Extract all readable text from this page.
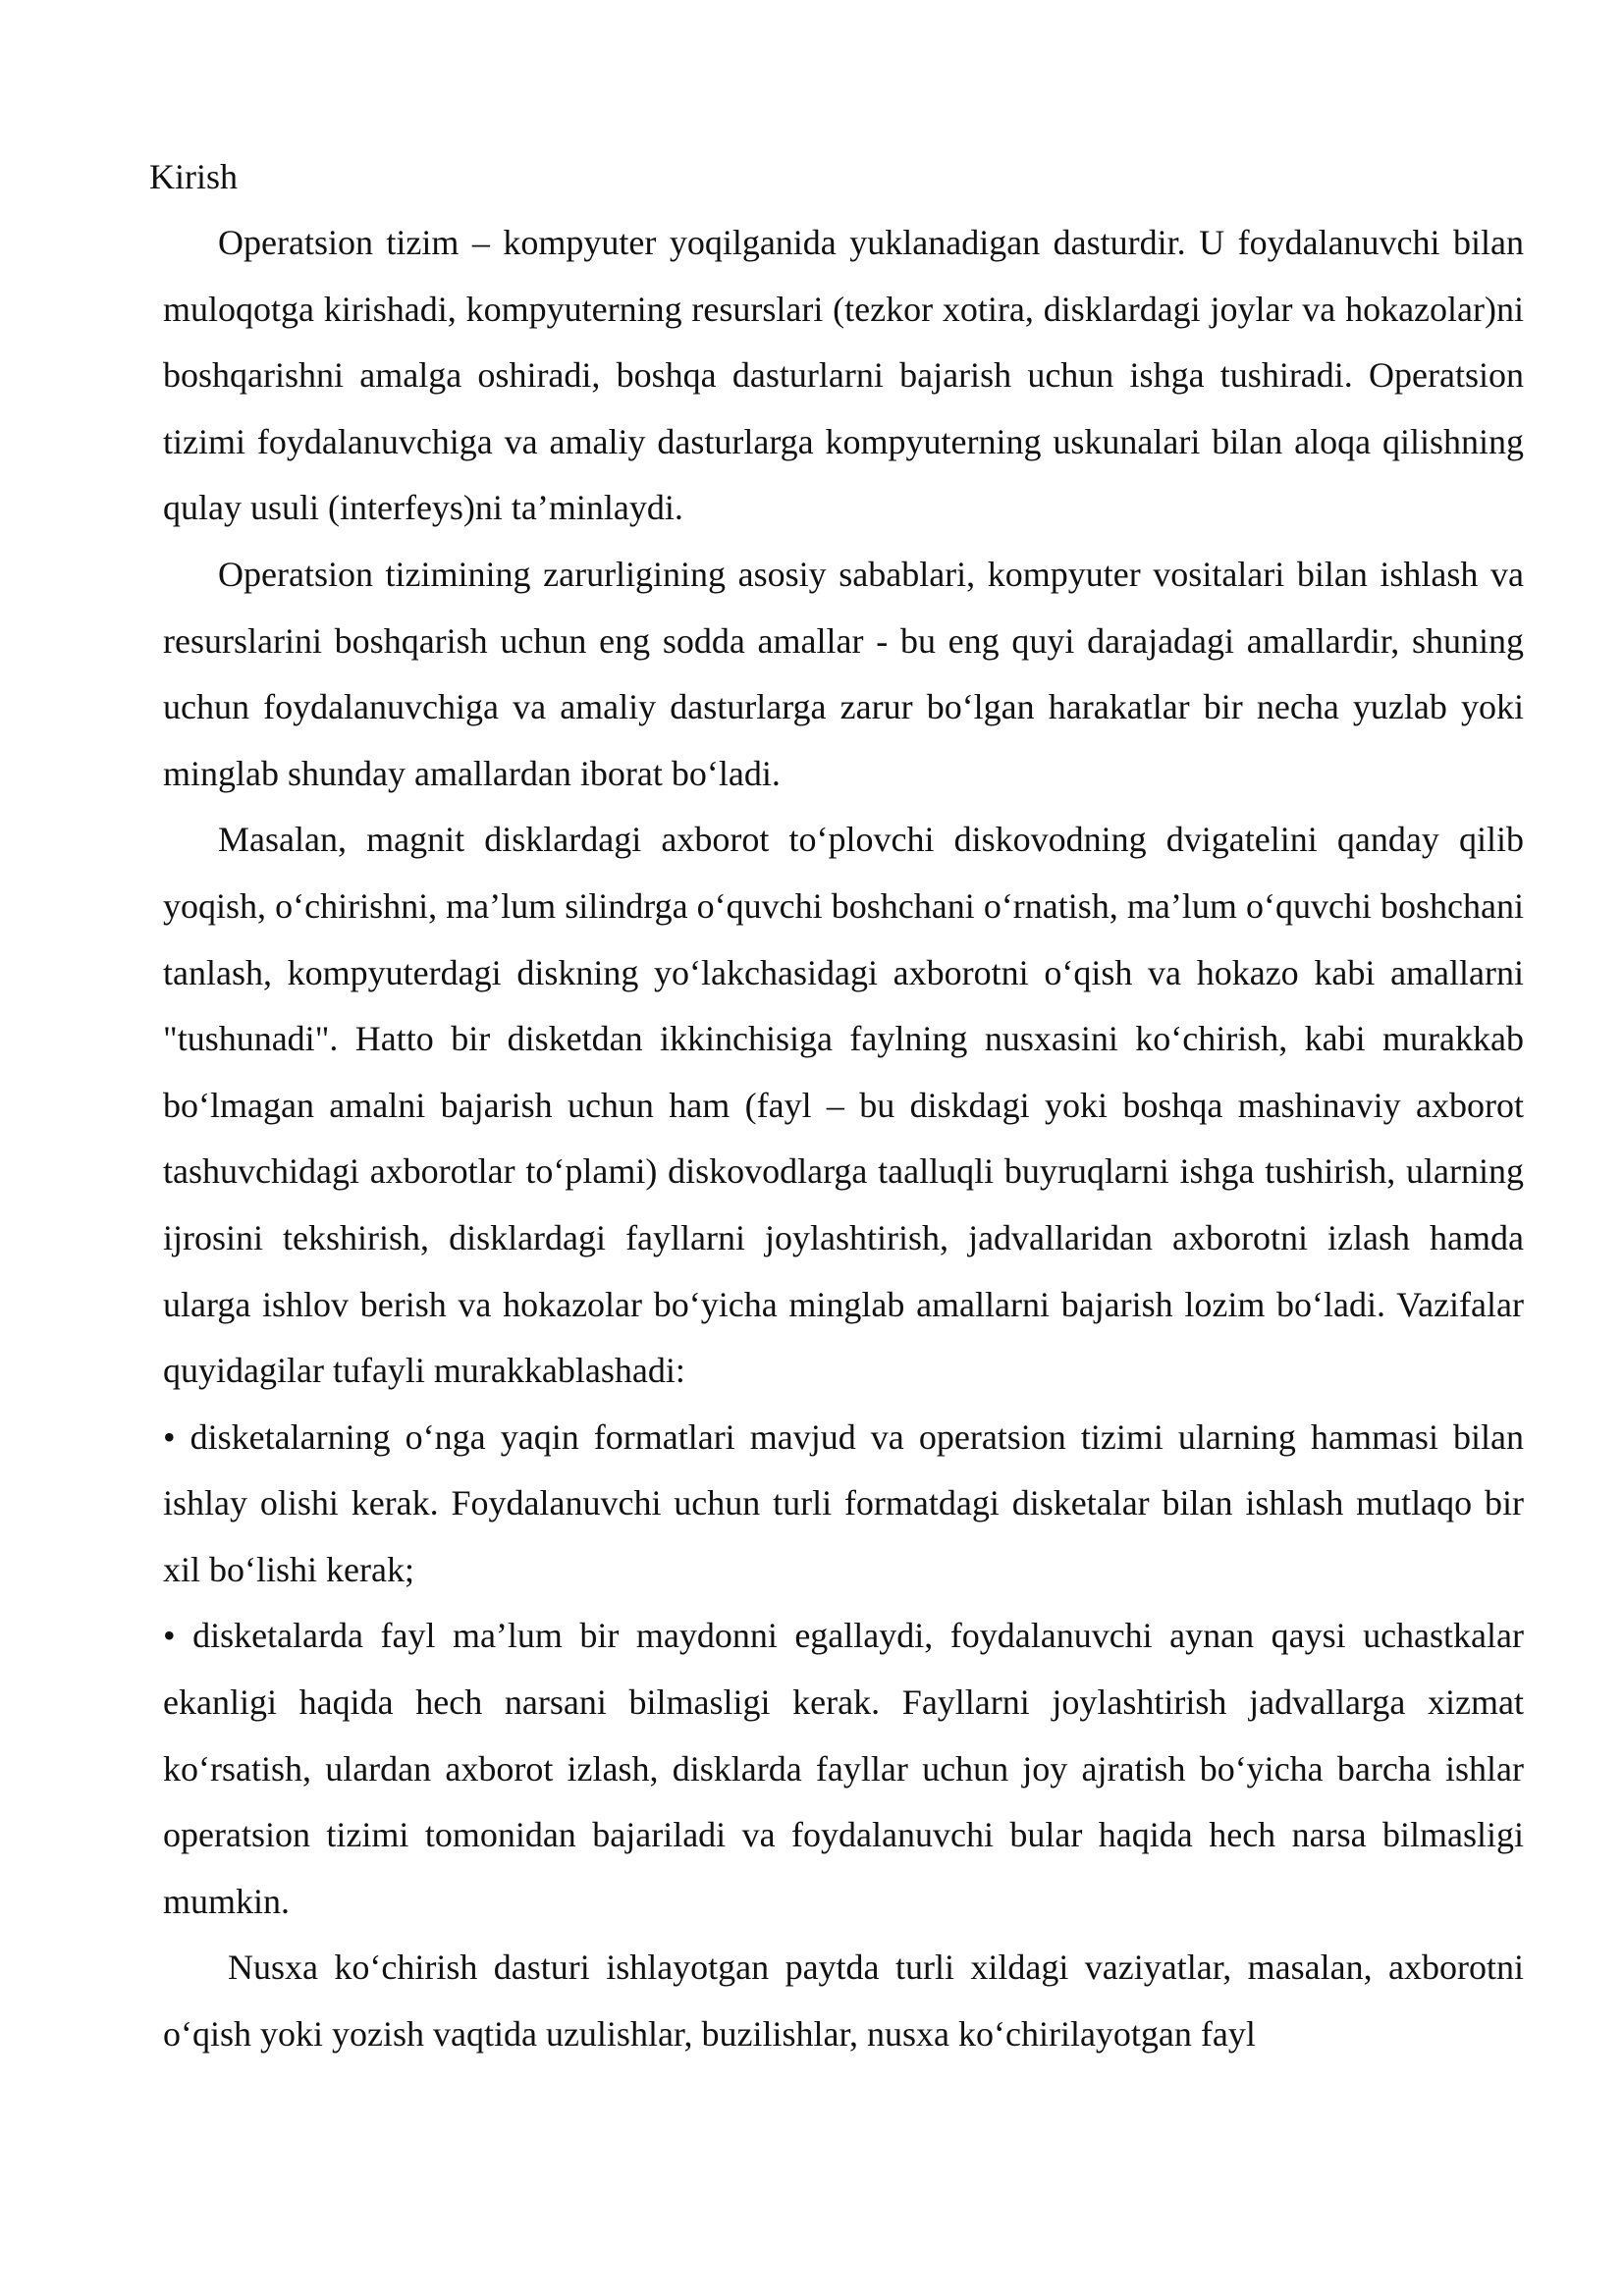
Kirish

Operatsion tizim – kompyuter yoqilganida yuklanadigan dasturdir. U foydalanuvchi bilan muloqotga kirishadi, kompyuterning resurslari (tezkor xotira, disklardagi joylar va hokazolar)ni boshqarishni amalga oshiradi, boshqa dasturlarni bajarish uchun ishga tushiradi. Operatsion tizimi foydalanuvchiga va amaliy dasturlarga kompyuterning uskunalari bilan aloqa qilishning qulay usuli (interfeys)ni ta’minlaydi.

Operatsion tizimining zarurligining asosiy sabablari, kompyuter vositalari bilan ishlash va resurslarini boshqarish uchun eng sodda amallar - bu eng quyi darajadagi amallardir, shuning uchun foydalanuvchiga va amaliy dasturlarga zarur bo‘lgan harakatlar bir necha yuzlab yoki minglab shunday amallardan iborat bo‘ladi.

Masalan, magnit disklardagi axborot to‘plovchi diskovodning dvigatelini qanday qilib yoqish, o‘chirishni, ma’lum silindrga o‘quvchi boshchani o‘rnatish, ma’lum o‘quvchi boshchani tanlash, kompyuterdagi diskning yo‘lakchasidagi axborotni o‘qish va hokazo kabi amallarni "tushunadi". Hatto bir disketdan ikkinchisiga faylning nusxasini ko‘chirish, kabi murakkab bo‘lmagan amalni bajarish uchun ham (fayl – bu diskdagi yoki boshqa mashinaviy axborot tashuvchidagi axborotlar to‘plami) diskovodlarga taalluqli buyruqlarni ishga tushirish, ularning ijrosini tekshirish, disklardagi fayllarni joylashtirish, jadvallaridan axborotni izlash hamda ularga ishlov berish va hokazolar bo‘yicha minglab amallarni bajarish lozim bo‘ladi. Vazifalar quyidagilar tufayli murakkablashadi:

• disketalarning o‘nga yaqin formatlari mavjud va operatsion tizimi ularning hammasi bilan ishlay olishi kerak. Foydalanuvchi uchun turli formatdagi disketalar bilan ishlash mutlaqo bir xil bo‘lishi kerak;

• disketalarda fayl ma’lum bir maydonni egallaydi, foydalanuvchi aynan qaysi uchastkalar ekanligi haqida hech narsani bilmasligi kerak. Fayllarni joylashtirish jadvallarga xizmat ko‘rsatish, ulardan axborot izlash, disklarda fayllar uchun joy ajratish bo‘yicha barcha ishlar operatsion tizimi tomonidan bajariladi va foydalanuvchi bular haqida hech narsa bilmasligi mumkin.

Nusxa ko‘chirish dasturi ishlayotgan paytda turli xildagi vaziyatlar, masalan, axborotni o‘qish yoki yozish vaqtida uzulishlar, buzilishlar, nusxa ko‘chirilayotgan fayl
